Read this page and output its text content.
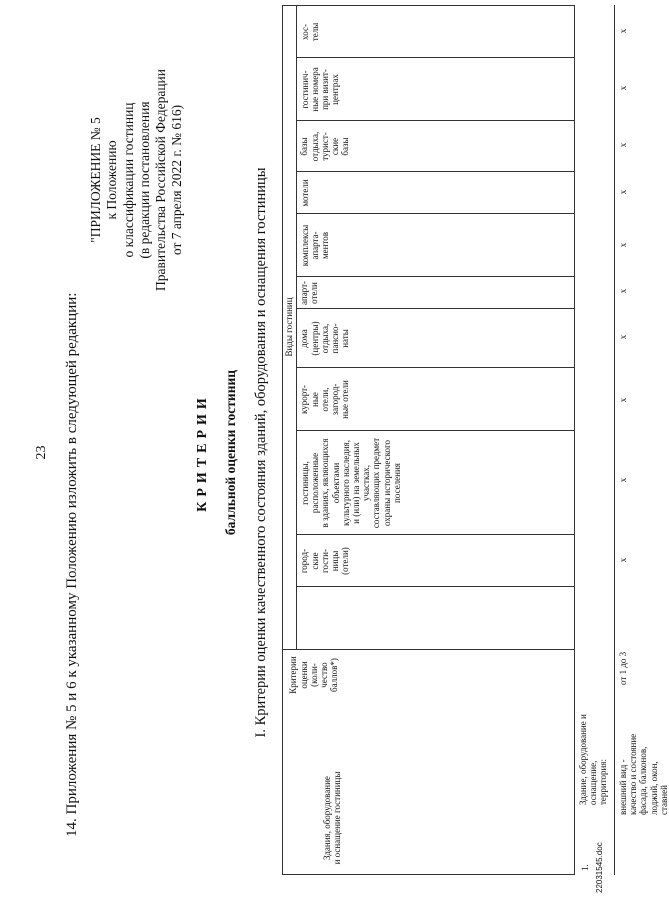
23 14. Приложения № 5 и 6 к указанному Положению изложить в следующей редакции:
"ПРИЛОЖЕНИЕ № 5 к Положению о классификации гостиниц (в редакции постановления Правительства Российской Федерации от 7 апреля 2022 г. № 616)
КРИТЕРИИ балльной оценки гостиниц I. Критерии оценки качественного состояния зданий, оборудования и оснащения гостиницы
Здания, оборудование и оснащение гостиницы
Критерии оценки (коли- чество баллов*)
Виды гостиниц
город- ские гости- ницы (отели)
гостиницы, расположенные в зданиях, являющихся объектами культурного наследия, и (или) на земельных участках, составляющих предмет охраны исторического поселения
курорт- ные отели, загород- ные отели
дома (центры) отдыха, пансио- наты
апарт- отели
комплексы апарта- ментов
мотели
базы отдыха, турист- ские базы
гостинич- ные номера при визит- центрах
хос- телы
1.
Здание, оборудование и оснащение, территория: внешний вид - качество и состояние фасада, балконов, лоджий, окон, ставней
от 1 до 3
x
x
x
x
x
x
x
x
x
x
22031545.doc
